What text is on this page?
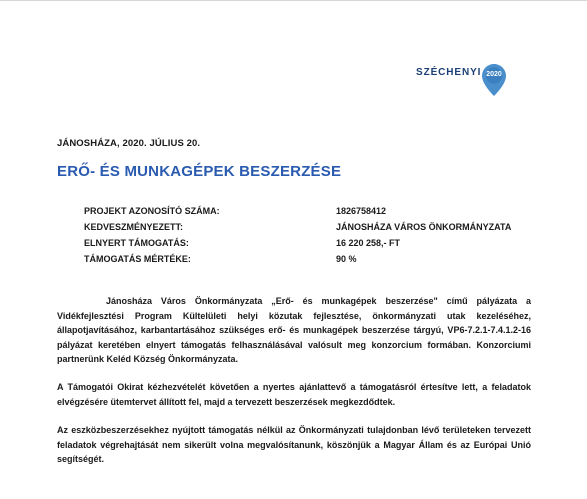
SZÉCHENYI 2020
JÁNOSHÁZA, 2020. JÚLIUS 20.
ERŐ- ÉS MUNKAGÉPEK BESZERZÉSE
PROJEKT AZONOSÍTÓ SZÁMA:	1826758412
KEDVESZMÉNYEZETT:	JÁNOSHÁZA VÁROS ÖNKORMÁNYZATA
ELNYERT TÁMOGATÁS:	16 220 258,- FT
TÁMOGATÁS MÉRTÉKE:	90 %

Jánosháza Város Önkormányzata „Erő- és munkagépek beszerzése" című pályázata a Vidékfejlesztési Program Kültelületi helyi közutak fejlesztése, önkormányzati utak kezeléséhez, állapotjavításához, karbantartásához szükséges erő- és munkagépek beszerzése tárgyú, VP6-7.2.1-7.4.1.2-16 pályázat keretében elnyert támogatás felhasználásával valósult meg konzorcium formában. Konzorciumi partnerünk Keléd Község Önkormányzata.

A Támogatói Okirat kézhezvételét követően a nyertes ajánlattevő a támogatásról értesítve lett, a feladatok elvégzésére ütemtervet állított fel, majd a tervezett beszerzések megkezdődtek.

Az eszközbeszerzésekhez nyújtott támogatás nélkül az Önkormányzati tulajdonban lévő területeken tervezett feladatok végrehajtását nem sikerült volna megvalósítanunk, köszönjük a Magyar Állam és az Európai Unió segítségét.
